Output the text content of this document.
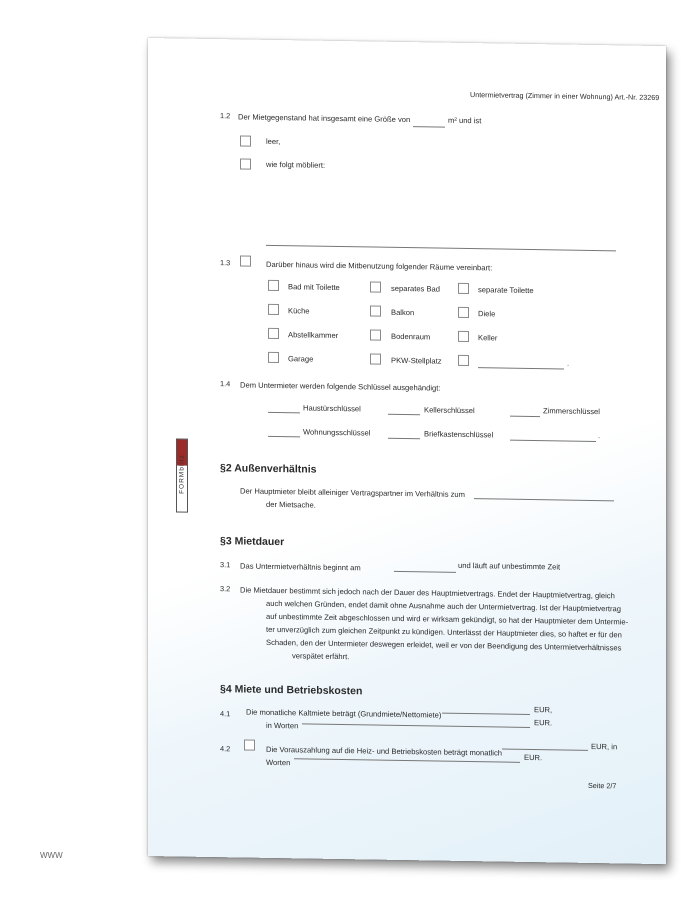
Untermietvertrag (Zimmer in einer Wohnung) Art.-Nr. 23269
1.2 Der Mietgegenstand hat insgesamt eine Größe von	m² und ist
leer,
wie folgt möbliert:
1.3	Darüber hinaus wird die Mitbenutzung folgender Räume vereinbart:
Bad mit Toilette	separates Bad	separate Toilette
Küche	Balkon	Diele
Abstellkammer	Bodenraum	Keller
Garage	PKW-Stellplatz	.
1.4 Dem Untermieter werden folgende Schlüssel ausgehändigt:
Haustürschlüssel	Kellerschlüssel	Zimmerschlüssel
Wohnungsschlüssel	Briefkastenschlüssel	.
FORMblitz	§2 Außenverhältnis
Der Hauptmieter bleibt alleiniger Vertragspartner im Verhältnis zum
der Mietsache.
§3 Mietdauer
3.1 Das Untermietverhältnis beginnt am	und läuft auf unbestimmte Zeit
3.2 Die Mietdauer bestimmt sich jedoch nach der Dauer des Hauptmietvertrags. Endet der Hauptmietvertrag, gleich
auch welchen Gründen, endet damit ohne Ausnahme auch der Untermietvertrag. Ist der Hauptmietvertrag
auf unbestimmte Zeit abgeschlossen und wird er wirksam gekündigt, so hat der Hauptmieter dem Untermie-
ter unverzüglich zum gleichen Zeitpunkt zu kündigen. Unterlässt der Hauptmieter dies, so haftet er für den
Schaden, den der Untermieter deswegen erleidet, weil er von der Beendigung des Untermietverhältnisses
verspätet erfährt.
§4 Miete und Betriebskosten
4.1 Die monatliche Kaltmiete beträgt (Grundmiete/Nettomiete)	EUR,
in Worten	EUR.
4.2	Die Vorauszahlung auf die Heiz- und Betriebskosten beträgt monatlich	EUR, in
Worten
EUR.
Seite 2/7
WWW
